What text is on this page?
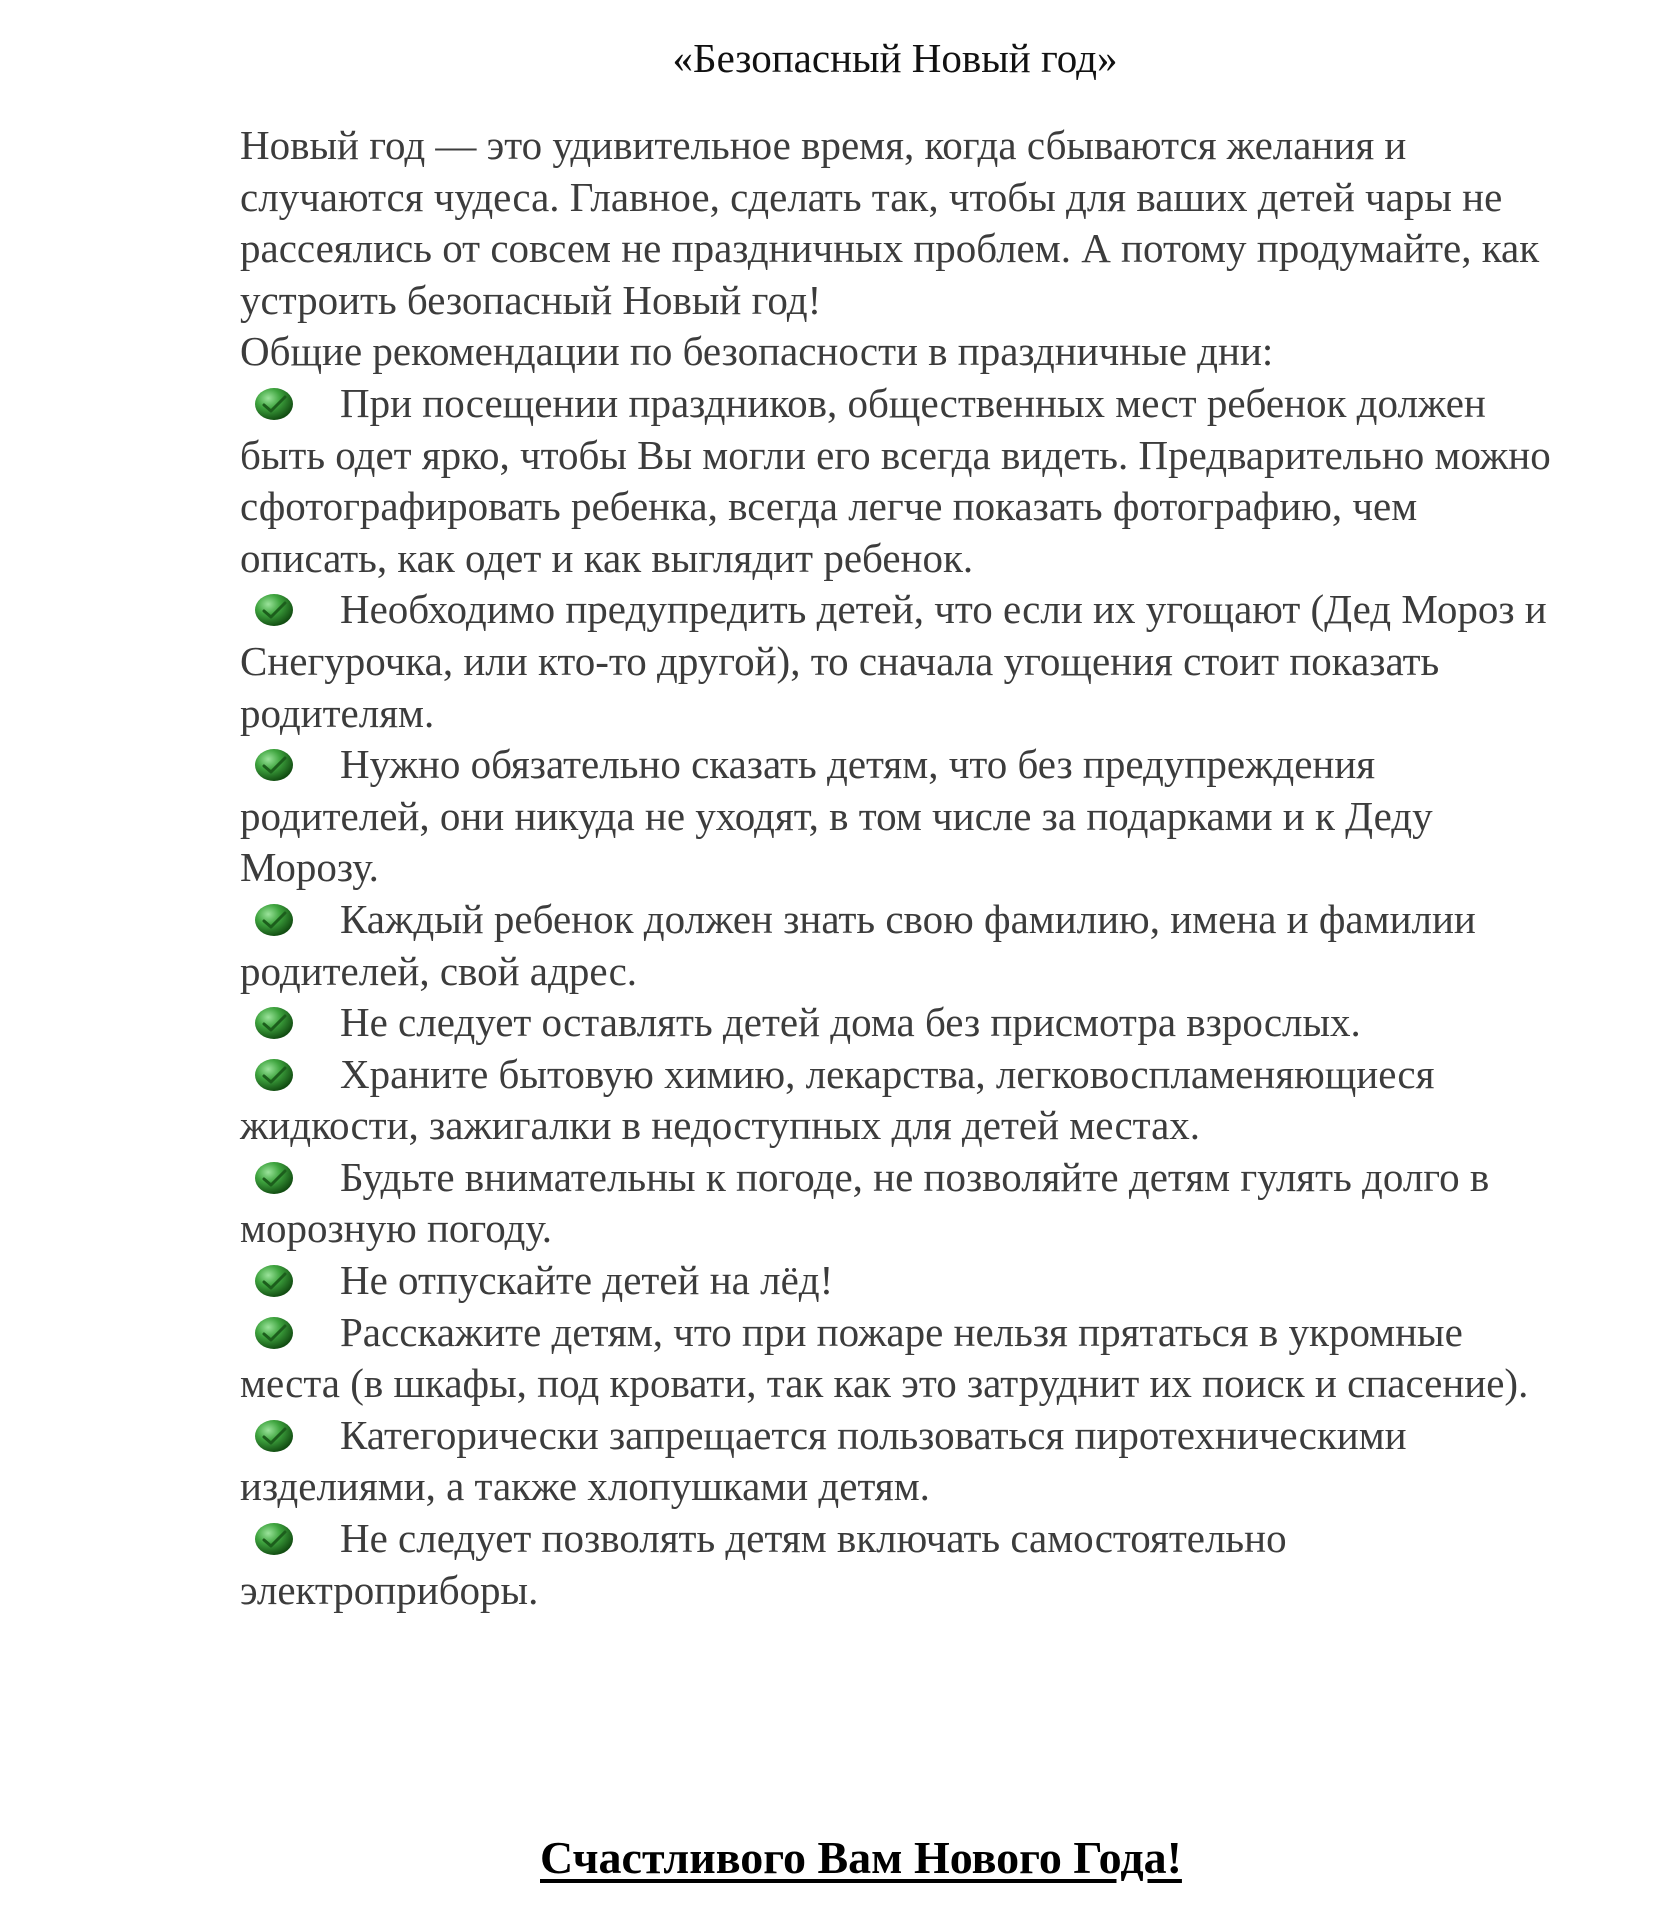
«Безопасный Новый год»

Новый год — это удивительное время, когда сбываются желания и случаются чудеса. Главное, сделать так, чтобы для ваших детей чары не рассеялись от совсем не праздничных проблем. А потому продумайте, как устроить безопасный Новый год!

Общие рекомендации по безопасности в праздничные дни:

При посещении праздников, общественных мест ребенок должен быть одет ярко, чтобы Вы могли его всегда видеть. Предварительно можно сфотографировать ребенка, всегда легче показать фотографию, чем описать, как одет и как выглядит ребенок.
Необходимо предупредить детей, что если их угощают (Дед Мороз и Снегурочка, или кто-то другой), то сначала угощения стоит показать родителям.
Нужно обязательно сказать детям, что без предупреждения родителей, они никуда не уходят, в том числе за подарками и к Деду Морозу.
Каждый ребенок должен знать свою фамилию, имена и фамилии родителей, свой адрес.
Не следует оставлять детей дома без присмотра взрослых.
Храните бытовую химию, лекарства, легковоспламеняющиеся жидкости, зажигалки в недоступных для детей местах.
Будьте внимательны к погоде, не позволяйте детям гулять долго в морозную погоду.
Не отпускайте детей на лёд!
Расскажите детям, что при пожаре нельзя прятаться в укромные места (в шкафы, под кровати, так как это затруднит их поиск и спасение).
Категорически запрещается пользоваться пиротехническими изделиями, а также хлопушками детям.
Не следует позволять детям включать самостоятельно электроприборы.

Счастливого Вам Нового Года!
